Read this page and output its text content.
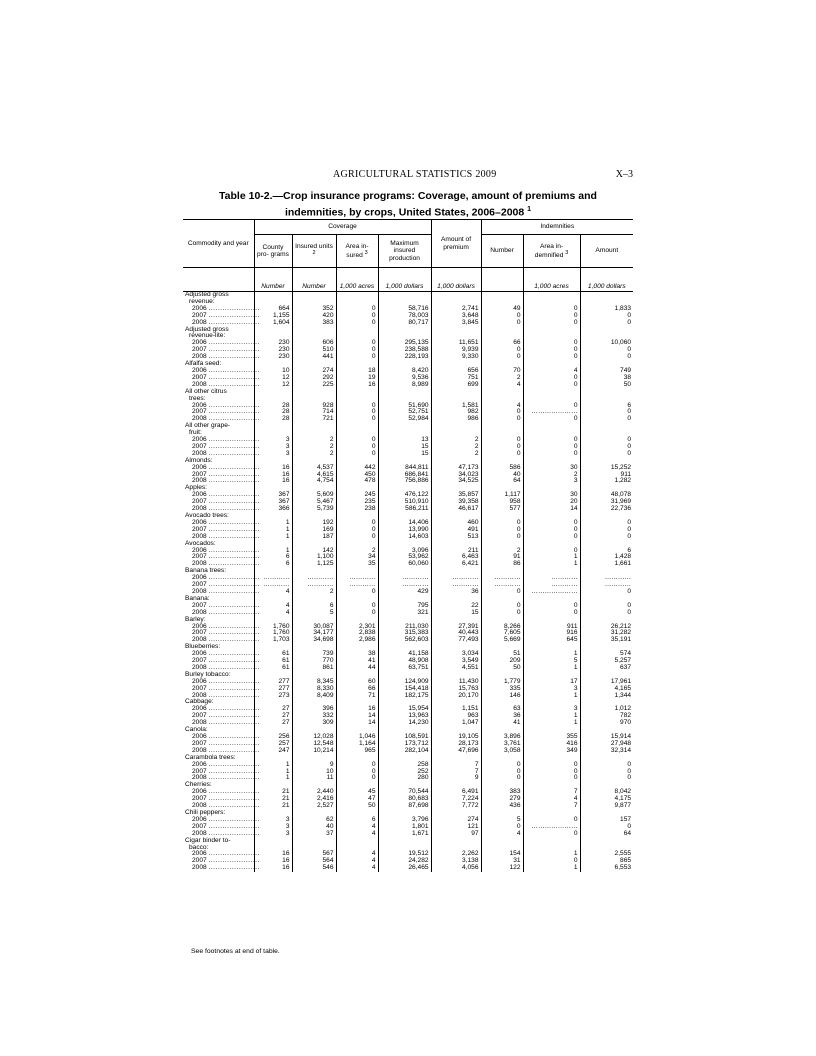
AGRICULTURAL STATISTICS 2009	X–3
Table 10-2.—Crop insurance programs: Coverage, amount of premiums and
indemnities, by crops, United States, 2006–2008 $^1$
Commodity and year	Coverage				Amount of premium	Indemnities		
	County pro- grams	Insured units $^2$	Area in- sured $^3$	Maximum insured production		Number	Area in- demnified $^3$	Amount
	Number	Number	1,000 acres	1,000 dollars	1,000 dollars		1,000 acres	1,000 dollars
Adjusted gross								
revenue:								
2006 ......................	664	352	0	58,716	2,741	49	0	1,833
2007 ......................	1,155	420	0	78,003	3,648	0	0	0
2008 ......................	1,604	383	0	80,717	3,845	0	0	0
Adjusted gross								
revenue-lite:								
2006 ......................	230	606	0	295,135	11,651	66	0	10,060
2007 ......................	230	510	0	238,588	9,939	0	0	0
2008 ......................	230	441	0	228,193	9,330	0	0	0
Alfalfa seed:								
2006 ......................	10	274	18	8,420	656	70	4	749
2007 ......................	12	292	19	9,536	751	2	0	38
2008 ......................	12	225	16	8,989	699	4	0	50
All other citrus								
trees:								
2006 ......................	28	928	0	51,690	1,581	4	0	6
2007 ......................	28	714	0	52,751	982	0	…………………	0
2008 ......................	28	721	0	52,984	986	0	0	0
All other grape-								
fruit:								
2006 ......................	3	2	0	13	2	0	0	0
2007 ......................	3	2	0	15	2	0	0	0
2008 ......................	3	2	0	15	2	0	0	0
Almonds:								
2006 ......................	16	4,537	442	844,811	47,173	586	30	15,252
2007 ......................	16	4,615	450	686,841	34,023	40	2	911
2008 ......................	16	4,754	478	756,886	34,525	64	3	1,282
Apples:								
2006 ......................	367	5,609	245	476,122	35,857	1,117	30	48,078
2007 ......................	367	5,467	235	510,910	39,358	958	20	31,969
2008 ......................	366	5,739	238	586,211	46,617	577	14	22,736
Avocado trees:								
2006 ......................	1	192	0	14,406	460	0	0	0
2007 ......................	1	169	0	13,990	491	0	0	0
2008 ......................	1	187	0	14,603	513	0	0	0
Avocados:								
2006 ......................	1	142	2	3,096	211	2	0	6
2007 ......................	6	1,100	34	53,962	6,463	91	1	1,428
2008 ......................	6	1,125	35	60,060	6,421	86	1	1,661
Banana trees:								
2006 ......................	…………	…………	…………	…………	…………	…………	…………	…………
2007 ......................	…………	…………	…………	…………	…………	…………	…………	…………
2008 ......................	4	2	0	429	36	0	…………………	0
Banana:								
2007 ......................	4	6	0	795	22	0	0	0
2008 ......................	4	5	0	321	15	0	0	0
Barley:								
2006 ......................	1,760	30,087	2,301	211,030	27,391	8,266	911	26,212
2007 ......................	1,760	34,177	2,838	315,383	40,443	7,605	916	31,282
2008 ......................	1,703	34,698	2,986	562,603	77,493	5,669	645	35,191
Blueberries:								
2006 ......................	61	739	38	41,158	3,034	51	1	574
2007 ......................	61	770	41	48,908	3,549	209	5	5,257
2008 ......................	61	861	44	63,751	4,551	50	1	637
Burley tobacco:								
2006 ......................	277	8,345	60	124,909	11,430	1,779	17	17,961
2007 ......................	277	8,330	66	154,418	15,763	335	3	4,165
2008 ......................	273	8,409	71	182,175	20,170	146	1	1,344
Cabbage:								
2006 ......................	27	396	16	15,954	1,151	63	3	1,012
2007 ......................	27	332	14	13,963	963	36	1	782
2008 ......................	27	309	14	14,230	1,047	41	1	970
Canola:								
2006 ......................	256	12,028	1,046	108,591	19,105	3,896	355	15,914
2007 ......................	257	12,548	1,164	173,712	28,173	3,761	416	27,948
2008 ......................	247	10,214	965	282,104	47,696	3,058	349	32,314
Carambola trees:								
2006 ......................	1	9	0	258	7	0	0	0
2007 ......................	1	10	0	252	7	0	0	0
2008 ......................	1	11	0	280	9	0	0	0
Cherries:								
2006 ......................	21	2,440	45	70,544	6,491	383	7	8,042
2007 ......................	21	2,416	47	80,683	7,224	279	4	4,175
2008 ......................	21	2,527	50	87,698	7,772	436	7	9,877
Chili peppers:								
2006 ......................	3	62	6	3,796	274	5	0	157
2007 ......................	3	40	4	1,801	121	0	…………………	0
2008 ......................	3	37	4	1,671	97	4	0	64
Cigar binder to-								
bacco:								
2006 ......................	16	567	4	19,512	2,262	154	1	2,555
2007 ......................	16	564	4	24,282	3,138	31	0	865
2008 ......................	16	546	4	26,465	4,056	122	1	6,553
See footnotes at end of table.
